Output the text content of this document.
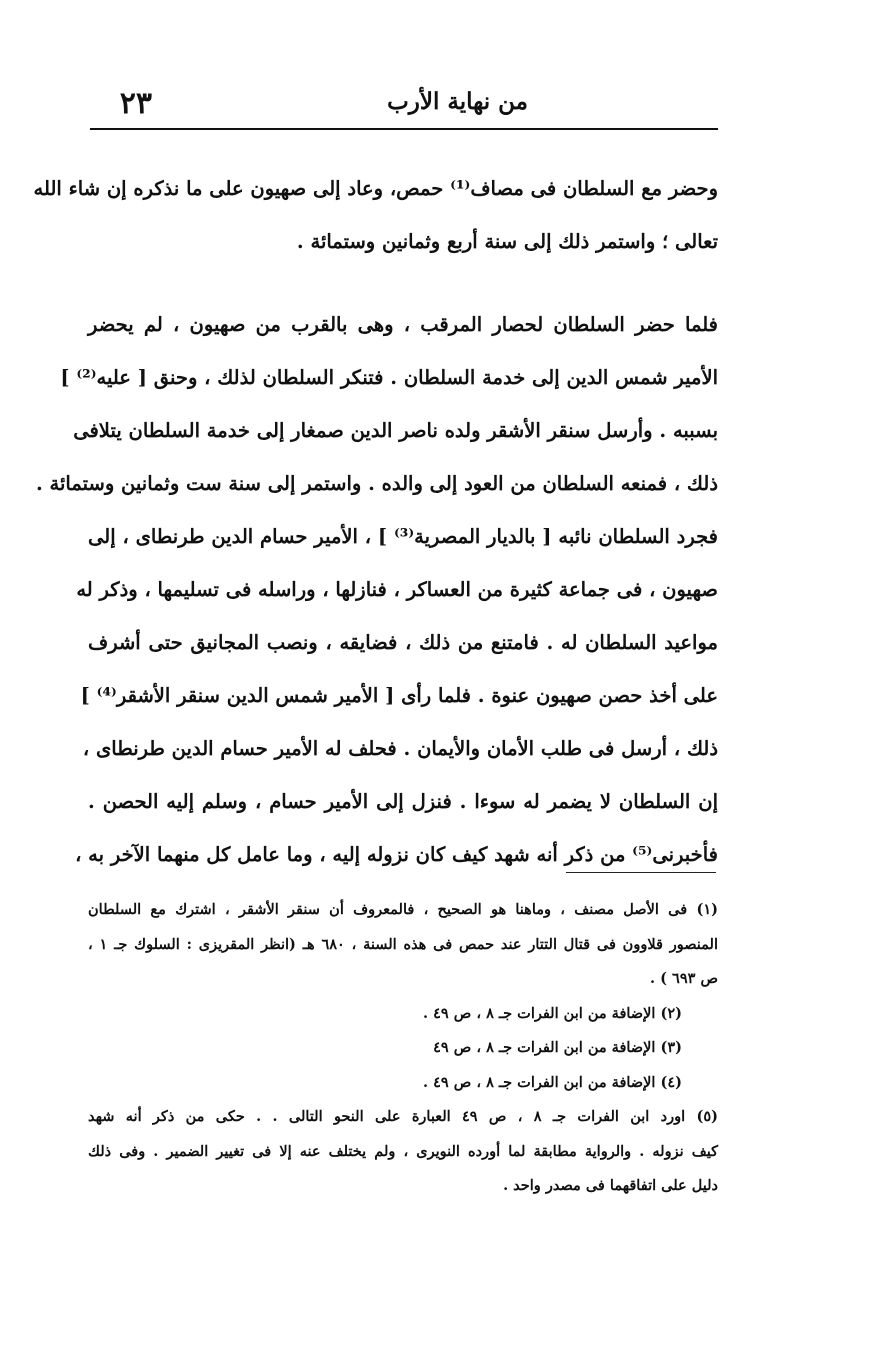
٢٣	من نهاية الأرب
وحضر مع السلطان فى مصاف⁽¹⁾ حمص، وعاد إلى صهيون على ما نذكره إن شاء الله
تعالى ؛ واستمر ذلك إلى سنة أربع وثمانين وستمائة .
فلما حضر السلطان لحصار المرقب ، وهى بالقرب من صهيون ، لم يحضر
الأمير شمس الدين إلى خدمة السلطان . فتنكر السلطان لذلك ، وحنق [ عليه⁽²⁾ ]
بسببه . وأرسل سنقر الأشقر ولده ناصر الدين صمغار إلى خدمة السلطان يتلافى
ذلك ، فمنعه السلطان من العود إلى والده . واستمر إلى سنة ست وثمانين وستمائة .
فجرد السلطان نائبه [ بالديار المصرية⁽³⁾ ] ، الأمير حسام الدين طرنطاى ، إلى
صهيون ، فى جماعة كثيرة من العساكر ، فنازلها ، وراسله فى تسليمها ، وذكر له
مواعيد السلطان له . فامتنع من ذلك ، فضايقه ، ونصب المجانيق حتى أشرف
على أخذ حصن صهيون عنوة . فلما رأى [ الأمير شمس الدين سنقر الأشقر⁽⁴⁾ ]
ذلك ، أرسل فى طلب الأمان والأيمان . فحلف له الأمير حسام الدين طرنطاى ،
إن السلطان لا يضمر له سوءا . فنزل إلى الأمير حسام ، وسلم إليه الحصن .
فأخبرنى⁽⁵⁾ من ذكر أنه شهد كيف كان نزوله إليه ، وما عامل كل منهما الآخر به ،
(١) فى الأصل مصنف ، وماهنا هو الصحيح ، فالمعروف أن سنقر الأشقر ، اشترك مع السلطان
المنصور قلاوون فى قتال التتار عند حمص فى هذه السنة ، ٦٨٠ هـ (انظر المقريزى : السلوك جـ ١ ،
ص ٦٩٣ ) .
(٢) الإضافة من ابن الفرات جـ ٨ ، ص ٤٩ .
(٣) الإضافة من ابن الفرات جـ ٨ ، ص ٤٩
(٤) الإضافة من ابن الفرات جـ ٨ ، ص ٤٩ .
(٥) اورد ابن الفرات جـ ٨ ، ص ٤٩ العبارة على النحو التالى . . حكى من ذكر أنه شهد
كيف نزوله . والرواية مطابقة لما أورده النويرى ، ولم يختلف عنه إلا فى تغيير الضمير . وفى ذلك
دليل على اتفاقهما فى مصدر واحد .
